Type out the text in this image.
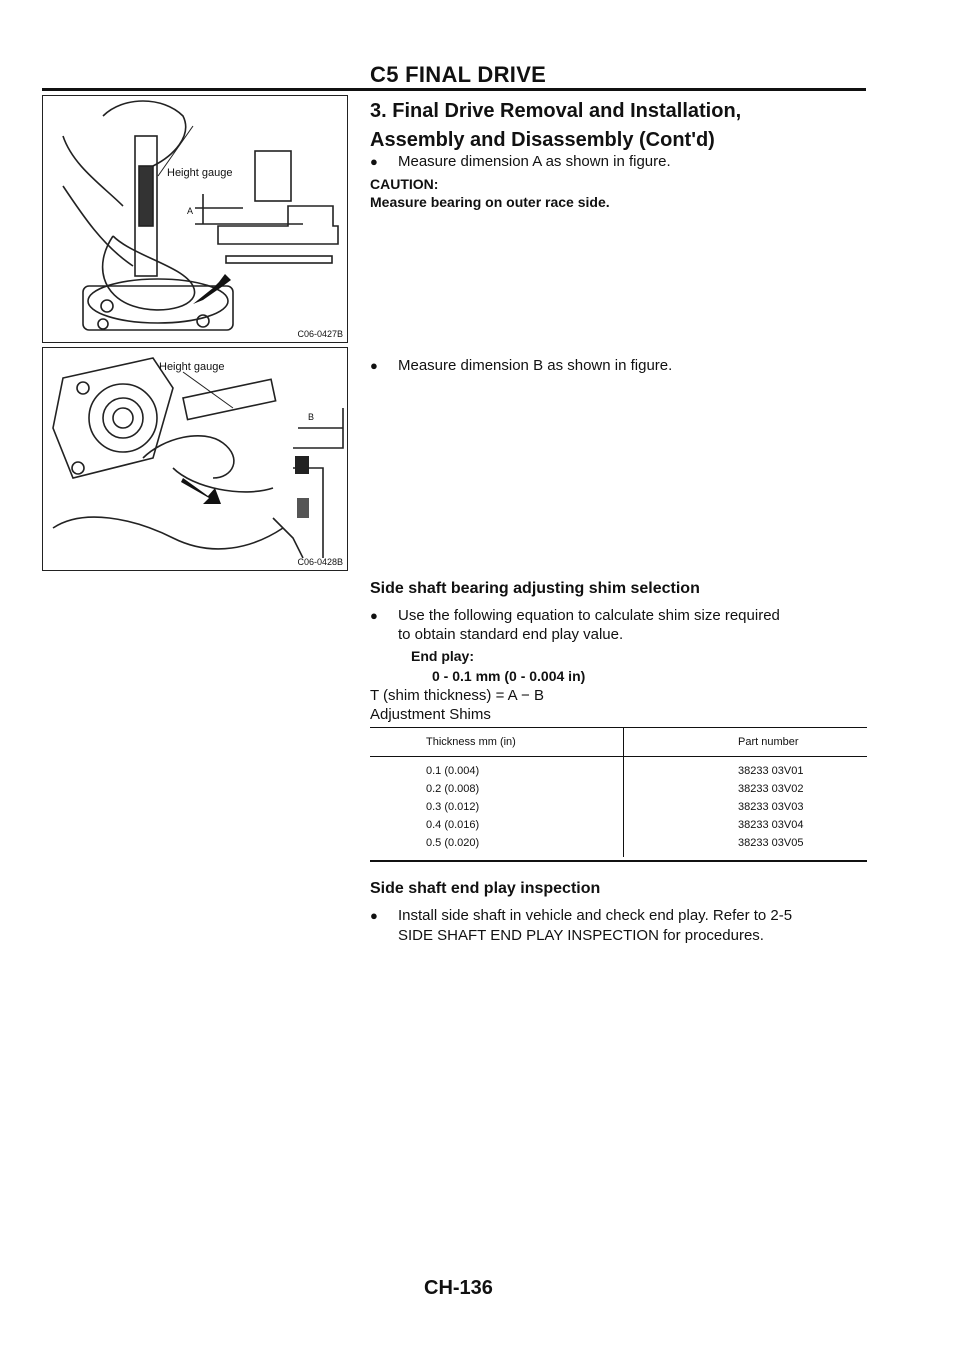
C5 FINAL DRIVE
3. Final Drive Removal and Installation,
Assembly and Disassembly (Cont'd)
● Measure dimension A as shown in figure.
CAUTION:
Measure bearing on outer race side.
Height gauge
A
C06-0427B
● Measure dimension B as shown in figure.
Height gauge
B
C06-0428B
Side shaft bearing adjusting shim selection
● Use the following equation to calculate shim size required
to obtain standard end play value.
End play:
0 - 0.1 mm (0 - 0.004 in)
T (shim thickness) = A − B
Adjustment Shims
Thickness mm (in)	Part number
0.1 (0.004)	38233 03V01
0.2 (0.008)	38233 03V02
0.3 (0.012)	38233 03V03
0.4 (0.016)	38233 03V04
0.5 (0.020)	38233 03V05
Side shaft end play inspection
● Install side shaft in vehicle and check end play. Refer to 2-5
SIDE SHAFT END PLAY INSPECTION for procedures.
CH-136
